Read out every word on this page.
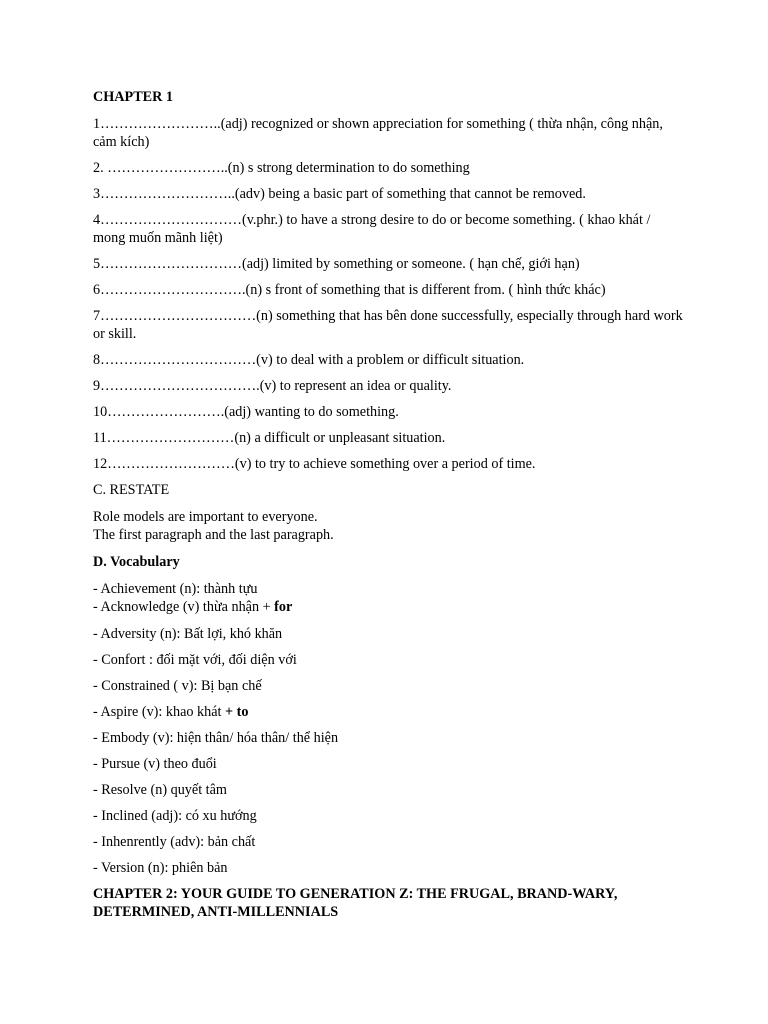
CHAPTER 1
1……………………..(adj) recognized or shown appreciation for something ( thừa nhận, công nhận, cảm kích)
2. ……………………..(n) s strong determination to do something
3………………………..(adv) being a basic part of something that cannot be removed.
4…………………………(v.phr.) to have a strong desire to do or become something. ( khao khát / mong muốn mãnh liệt)
5…………………………(adj) limited by something or someone. ( hạn chế, giới hạn)
6………………………….(n) s front of something that is different from. ( hình thức khác)
7……………………………(n) something that has bên done successfully, especially through hard work or skill.
8……………………………(v) to deal with a problem or difficult situation.
9…………………………….(v) to represent an idea or quality.
10…………………….(adj) wanting to do something.
11………………………(n) a difficult or unpleasant situation.
12………………………(v) to try to achieve something over a period of time.
C. RESTATE
Role models are important to everyone.
The first paragraph and the last paragraph.
D. Vocabulary
- Achievement (n): thành tựu
- Acknowledge (v) thừa nhận + for
- Adversity (n): Bất lợi, khó khăn
- Confort : đối mặt với, đối diện với
- Constrained ( v): Bị bạn chế
- Aspire (v): khao khát + to
- Embody (v): hiện thân/ hóa thân/ thể hiện
- Pursue (v) theo đuổi
- Resolve (n) quyết tâm
- Inclined (adj): có xu hướng
- Inhenrently (adv): bản chất
- Version (n): phiên bản
CHAPTER 2: YOUR GUIDE TO GENERATION Z: THE FRUGAL, BRAND-WARY, DETERMINED, ANTI-MILLENNIALS
